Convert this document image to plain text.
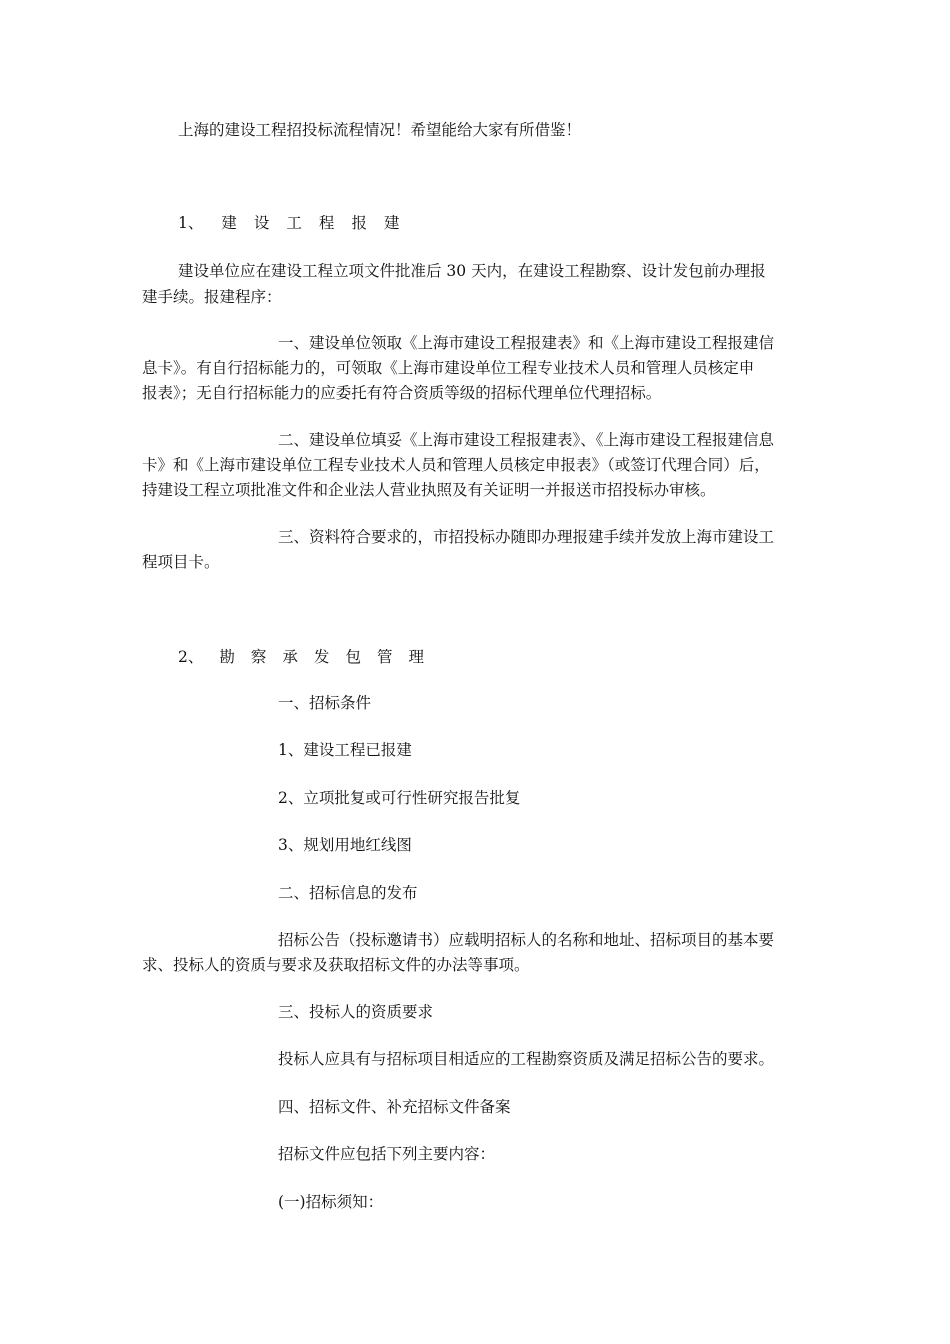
上海的建设工程招投标流程情况！希望能给大家有所借鉴！
1、 建 设 工 程 报 建
建设单位应在建设工程立项文件批准后 30 天内，在建设工程勘察、设计发包前办理报
建手续。报建程序：
一、建设单位领取《上海市建设工程报建表》和《上海市建设工程报建信
息卡》。有自行招标能力的，可领取《上海市建设单位工程专业技术人员和管理人员核定申
报表》；无自行招标能力的应委托有符合资质等级的招标代理单位代理招标。
二、建设单位填妥《上海市建设工程报建表》、《上海市建设工程报建信息
卡》和《上海市建设单位工程专业技术人员和管理人员核定申报表》（或签订代理合同）后，
持建设工程立项批准文件和企业法人营业执照及有关证明一并报送市招投标办审核。
三、资料符合要求的，市招投标办随即办理报建手续并发放上海市建设工
程项目卡。
2、 勘 察 承 发 包 管 理
一、招标条件
1、建设工程已报建
2、立项批复或可行性研究报告批复
3、规划用地红线图
二、招标信息的发布
招标公告（投标邀请书）应载明招标人的名称和地址、招标项目的基本要
求、投标人的资质与要求及获取招标文件的办法等事项。
三、投标人的资质要求
投标人应具有与招标项目相适应的工程勘察资质及满足招标公告的要求。
四、招标文件、补充招标文件备案
招标文件应包括下列主要内容：
(一)招标须知：
